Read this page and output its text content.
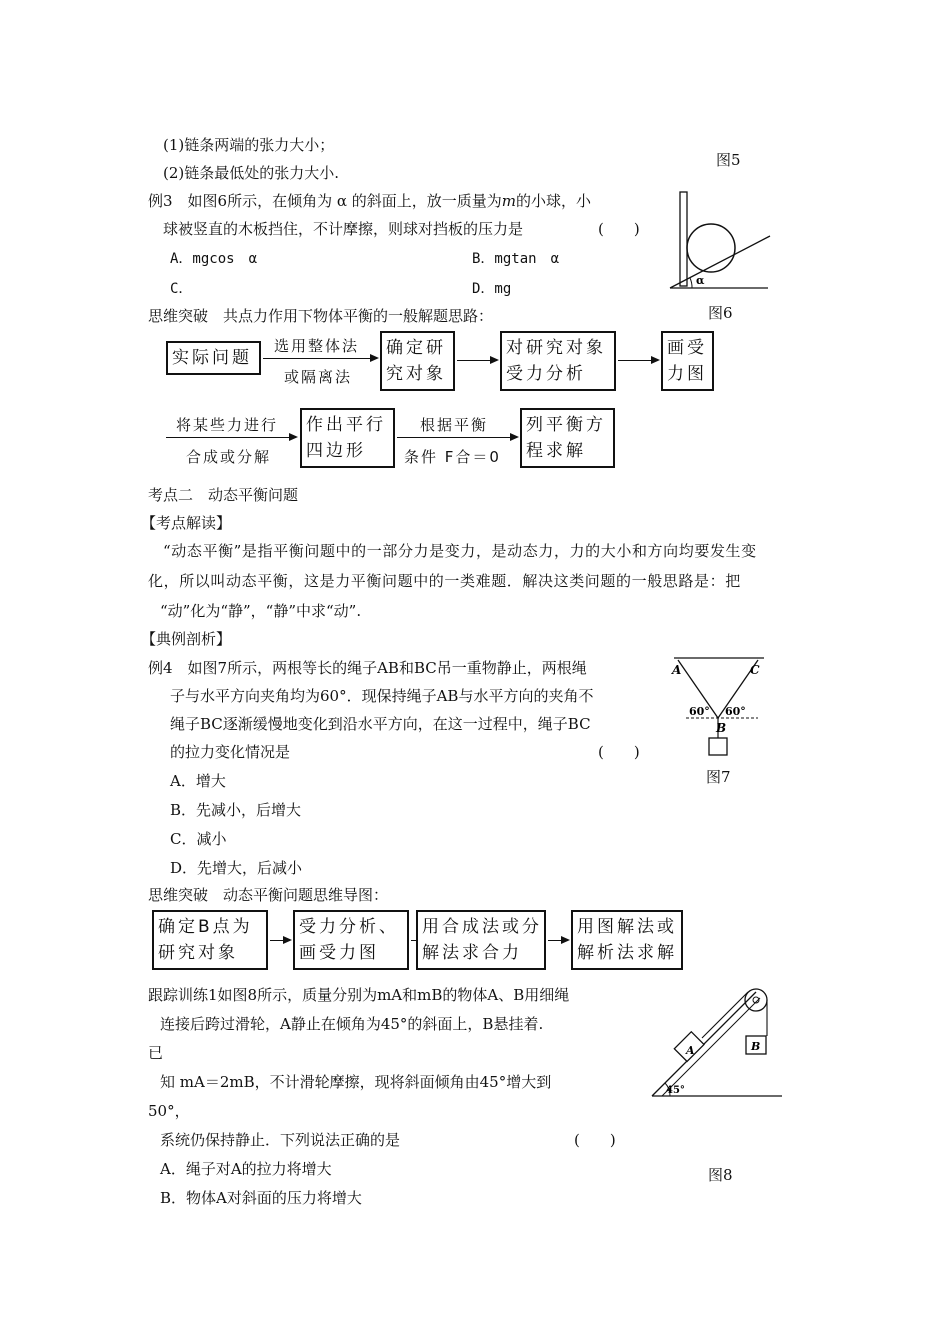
(1)链条两端的张力大小；
(2)链条最低处的张力大小.
图5
例3　如图6所示，在倾角为 α 的斜面上，放一质量为m的小球，小
球被竖直的木板挡住，不计摩擦，则球对挡板的压力是	(　　)
A．mgcos　α	B．mgtan　α
C．	D．mg
α
图6
思维突破　共点力作用下物体平衡的一般解题思路：
实际问题
选用整体法
或隔离法
确定研
究对象
对研究对象
受力分析
画受
力图
将某些力进行
合成或分解
作出平行
四边形
根据平衡
条件 F合＝0
列平衡方
程求解
考点二　动态平衡问题
【考点解读】
“动态平衡”是指平衡问题中的一部分力是变力，是动态力，力的大小和方向均要发生变
化，所以叫动态平衡，这是力平衡问题中的一类难题．解决这类问题的一般思路是：把
“动”化为“静”，“静”中求“动”.
【典例剖析】
例4　如图7所示，两根等长的绳子AB和BC吊一重物静止，两根绳
子与水平方向夹角均为60°．现保持绳子AB与水平方向的夹角不
绳子BC逐渐缓慢地变化到沿水平方向，在这一过程中，绳子BC
的拉力变化情况是	(　　)
A．增大
B．先减小，后增大
C．减小
D．先增大，后减小
A	C
B
60° 60°
图7
思维突破　动态平衡问题思维导图：
确定B点为
研究对象
受力分析、
画受力图
用合成法或分
解法求合力
用图解法或
解析法求解
跟踪训练1如图8所示，质量分别为mA和mB的物体A、B用细绳
连接后跨过滑轮，A静止在倾角为45°的斜面上，B悬挂着.
已
知 mA＝2mB，不计滑轮摩擦，现将斜面倾角由45°增大到
50°，
系统仍保持静止．下列说法正确的是	(　　)
A．绳子对A的拉力将增大
B．物体A对斜面的压力将增大
A	B
45°
图8
